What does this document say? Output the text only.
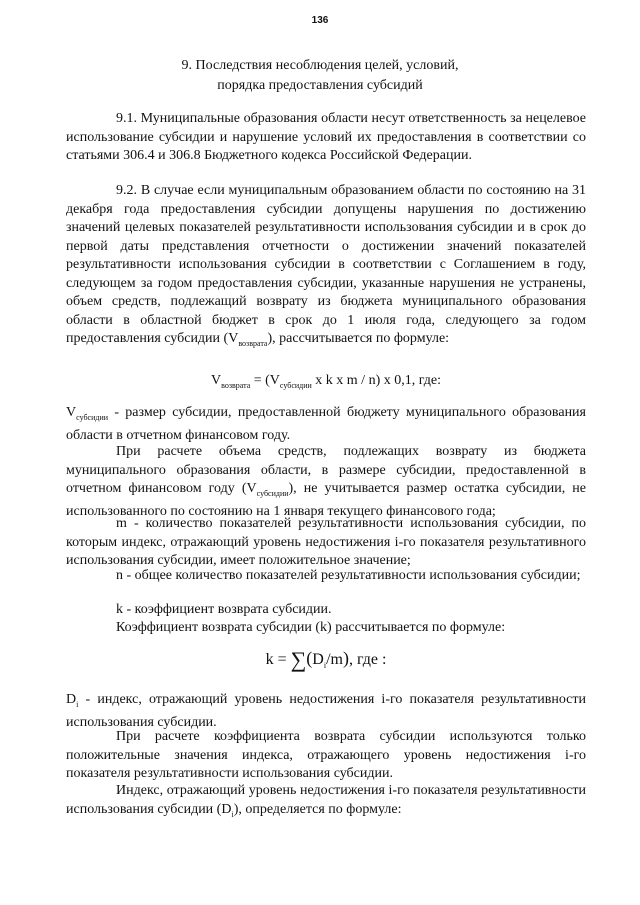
136
9. Последствия несоблюдения целей, условий,
порядка предоставления субсидий

9.1. Муниципальные образования области несут ответственность за нецелевое использование субсидии и нарушение условий их предоставления в соответствии со статьями 306.4 и 306.8 Бюджетного кодекса Российской Федерации.

9.2. В случае если муниципальным образованием области по состоянию на 31 декабря года предоставления субсидии допущены нарушения по достижению значений целевых показателей результативности использования субсидии и в срок до первой даты представления отчетности о достижении значений показателей результативности использования субсидии в соответствии с Соглашением в году, следующем за годом предоставления субсидии, указанные нарушения не устранены, объем средств, подлежащий возврату из бюджета муниципального образования области в областной бюджет в срок до 1 июля года, следующего за годом предоставления субсидии $(V_{возврата})$, рассчитывается по формуле:

$V_{возврата} = (V_{субсидии}$ x k x m / n) x 0,1, где:

$V_{субсидии}$ - размер субсидии, предоставленной бюджету муниципального образования области в отчетном финансовом году.

При расчете объема средств, подлежащих возврату из бюджета муниципального образования области, в размере субсидии, предоставленной в отчетном финансовом году $(V_{субсидии})$, не учитывается размер остатка субсидии, не использованного по состоянию на 1 января текущего финансового года;

m - количество показателей результативности использования субсидии, по которым индекс, отражающий уровень недостижения i-го показателя результативного использования субсидии, имеет положительное значение;

n - общее количество показателей результативности использования субсидии;

k - коэффициент возврата субсидии.

Коэффициент возврата субсидии (k) рассчитывается по формуле:

$k = \sum(D_i/m)$, где :

$D_i$ - индекс, отражающий уровень недостижения i-го показателя результативности использования субсидии.

При расчете коэффициента возврата субсидии используются только положительные значения индекса, отражающего уровень недостижения i-го показателя результативности использования субсидии.

Индекс, отражающий уровень недостижения i-го показателя результативности использования субсидии $(D_i)$, определяется по формуле:
